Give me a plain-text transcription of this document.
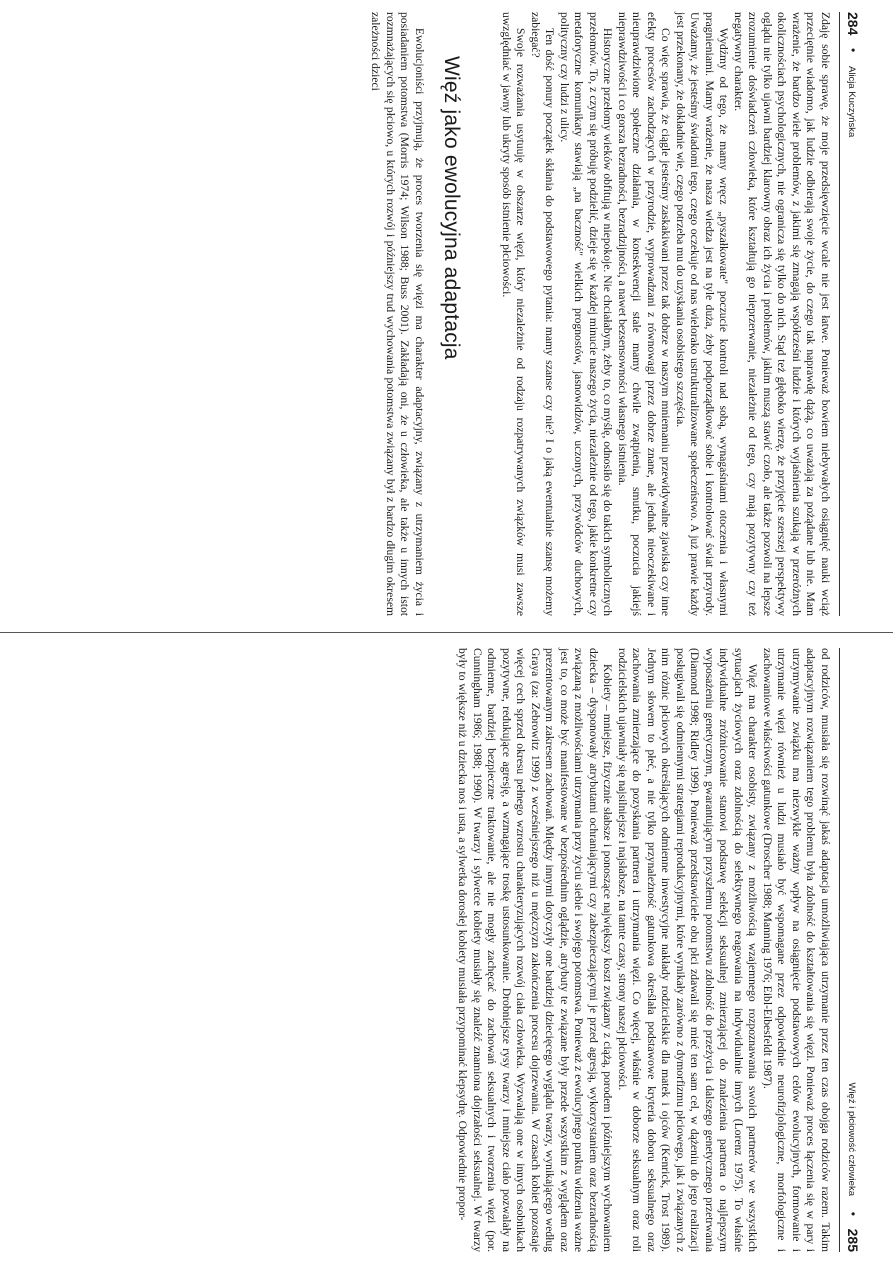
284
•
Alicja Kuczyńska

Zdaję sobie sprawę, że moje przedsięwzięcie wcale nie jest łatwe. Ponieważ bowiem niebywałych osiągnięć nauki wciąż przeciętnie wiadomo, jak ludzie odbierają swoje życie, do czego tak naprawdę dążą, co uważają za pożądane lub nie. Mam wrażenie, że bardzo wiele problemów, z jakimi się zmagają współcześni ludzie i których wyjaśnienia szukają w przeróżnych okolicznościach psychologicznych, nie ogranicza się tylko do nich. Stąd też głęboko wierzę, że przyjęcie szerszej perspektywy oglądu nie tylko ujawni bardziej klarowny obraz ich życia i problemów, jakim muszą stawić czoło, ale także pozwoli na lepsze zrozumienie doświadczeń człowieka, które kształtują go nieprzerwanie, niezależnie od tego, czy mają pozytywny czy też negatywny charakter.

Wydźmy od tego, że mamy wręcz „pyszałkowate" poczucie kontroli nad sobą, wynagaśniami otoczenia i własnymi pragnieniami. Mamy wrażenie, że nasza wiedza jest na tyle duża, żeby podporządkować sobie i kontrolować świat przyrody. Uważamy, że jesteśmy świadomi tego, czego oczekuje od nas wielorako ustrukturalizowane społeczeństwo. A już prawie każdy jest przekonany, że dokładnie wie, czego potrzeba mu do uzyskania osobistego szczęścia.

Co więc sprawia, że ciągle jesteśmy zaskakiwani przez tak dobrze w naszym mniemaniu przewidywalne zjawiska czy inne efekty procesów zachodzących w przyrodzie, wyprowadzani z równowagi przez dobrze znane, ale jednak nieoczekiwane i nieuprawdziwione społeczne działania, w konsekwencji stale mamy chwile zwątpienia, smutku, poczucia jakiejś nieprawdziwości i co gorsza bezradności, bezradzijności, a nawet bezsensowności własnego istnienia.

Historyczne przełomy wieków obfitują w niepokoje. Nie chciałabym, żeby to, co myślę, odnosiło się do takich symbolicznych przełomów. To, z czym się próbuję podzielić, dzieje się w każdej minucie naszego życia, niezależnie od tego, jakie konkretne czy metaforyczne komunikaty stawiają „na baczność" wielkich prognostów, jasnowidzów, uczonych, przywódców duchowych, polityczny czy ludzi z ulicy.

Ten dość ponury początek skłania do podstawowego pytania: mamy szanse czy nie? I o jaką ewentualnie szansę możemy zabiegać?

Swoje rozważania usytuuję w obszarze więzi, który niezależnie od rodzaju rozpatrywanych związków musi zawsze uwzględniać w jawny lub ukryty sposób istnienie płciowości.

Więź jako ewolucyjna adaptacja

Ewolucjoniści przyjmują, że proces tworzenia się więzi ma charakter adaptacyjny, związany z utrzymaniem życia i posiadaniem potomstwa (Morris 1974; Wilson 1988; Buss 2001). Zakładają oni, że u człowieka, ale także u innych istot rozmnażających się płciowo, u których rozwój i późniejszy trud wychowania potomstwa związany był z bardzo długim okresem zależności dzieci

Więź i płciowość człowieka
•
285

od rodziców, musiała się rozwinąć jakaś adaptacja umożliwiająca utrzymanie przez ten czas obojga rodziców razem. Takim adaptacyjnym rozwiązaniem tego problemu była zdolność do kształtowania się więzi. Ponieważ proces łączenia się w pary i utrzymywanie związku ma niezwykle ważny wpływ na osiągnięcie podstawowych celów ewolucyjnych, formowanie i utrzymanie więzi również u ludzi musiało być wspomagane przez odpowiednie neurofizjologiczne, morfologiczne i zachowaniowe właściwości gatunkowe (Droscher 1988; Manning 1976; Eibl-Eibesfeldt 1987).

Więź ma charakter osobisty, związany z możliwością wzajemnego rozpoznawania swoich partnerów we wszystkich sytuacjach życiowych oraz zdolnością do selektywnego reagowania na indywidualnie innych (Lorenz 1975). To właśnie indywidualne zróżnicowanie stanowi podstawę selekcji seksualnej zmierzającej do znalezienia partnera o najlepszym wyposażeniu genetycznym, gwarantującym przyszłemu potomstwu zdolność do przeżycia i dalszego genetycznego przetrwania (Diamond 1998; Ridley 1999). Ponieważ przedstawiciele obu płci zdawali się mieć ten sam cel, w dążeniu do jego realizacji posługiwali się odmiennymi strategiami reprodukcyjnymi, które wynikały zarówno z dymorfizmu płciowego, jak i związanych z nim różnic płciowych określających odmienne inwestycyjne nakłady rodzicielskie dla matek i ojców (Kenrick, Trost 1989). Jednym słowem to płeć, a nie tylko przynależność gatunkowa określała podstawowe kryteria doboru seksualnego oraz zachowania zmierzające do pozyskania partnera i utrzymania więzi. Co więcej, właśnie w doborze seksualnym oraz roli rodzicielskich ujawniały się najsilniejsze i najsłabsze, na tamte czasy, strony naszej płciowości.

Kobiety – mniejsze, fizycznie słabsze i ponoszące największy koszt związany z ciążą, porodem i późniejszym wychowaniem dziecka – dysponowały atrybutami ochraniającymi czy zabezpieczającymi je przed agresją, wykorzystaniem oraz bezradnością związaną z możliwościami utrzymania przy życiu siebie i swojego potomstwa. Ponieważ z ewolucyjnego punktu widzenia ważne jest to, co może być manifestowane w bezpośrednim oglądzie, atrybuty te związane były przede wszystkim z wyglądem oraz prezentowanym zakresem zachowań. Między innymi dotyczyły one bardziej dziecięcego wyglądu twarzy, wynikającego według Graya (za: Zebrowitz 1999) z wcześniejszego niż u mężczyzn zakończenia procesu dojrzewania. W czasach kobiet pozostaje więcej cech sprzed okresu pełnego wzrostu charakteryzujących rozwój ciała człowieka. Wyzwalają one w innych osobnikach pozytywne, redukujące agresję, a wzmagające troskę ustosunkowanie. Drobniejsze rysy twarzy i mniejsze ciało pozwalały na odmienne, bardziej bezpieczne traktowanie, ale nie mogły zachęcać do zachowań seksualnych i tworzenia więzi (por. Cunningham 1986; 1988; 1990). W twarzy i sylwetce kobiety musiały się znaleźć znamiona dojrzałości seksualnej. W twarzy były to większe niż u dziecka nos i usta, a sylwetka dorosłej kobiety musiała przypominać klepsydrę. Odpowiednie propor-
